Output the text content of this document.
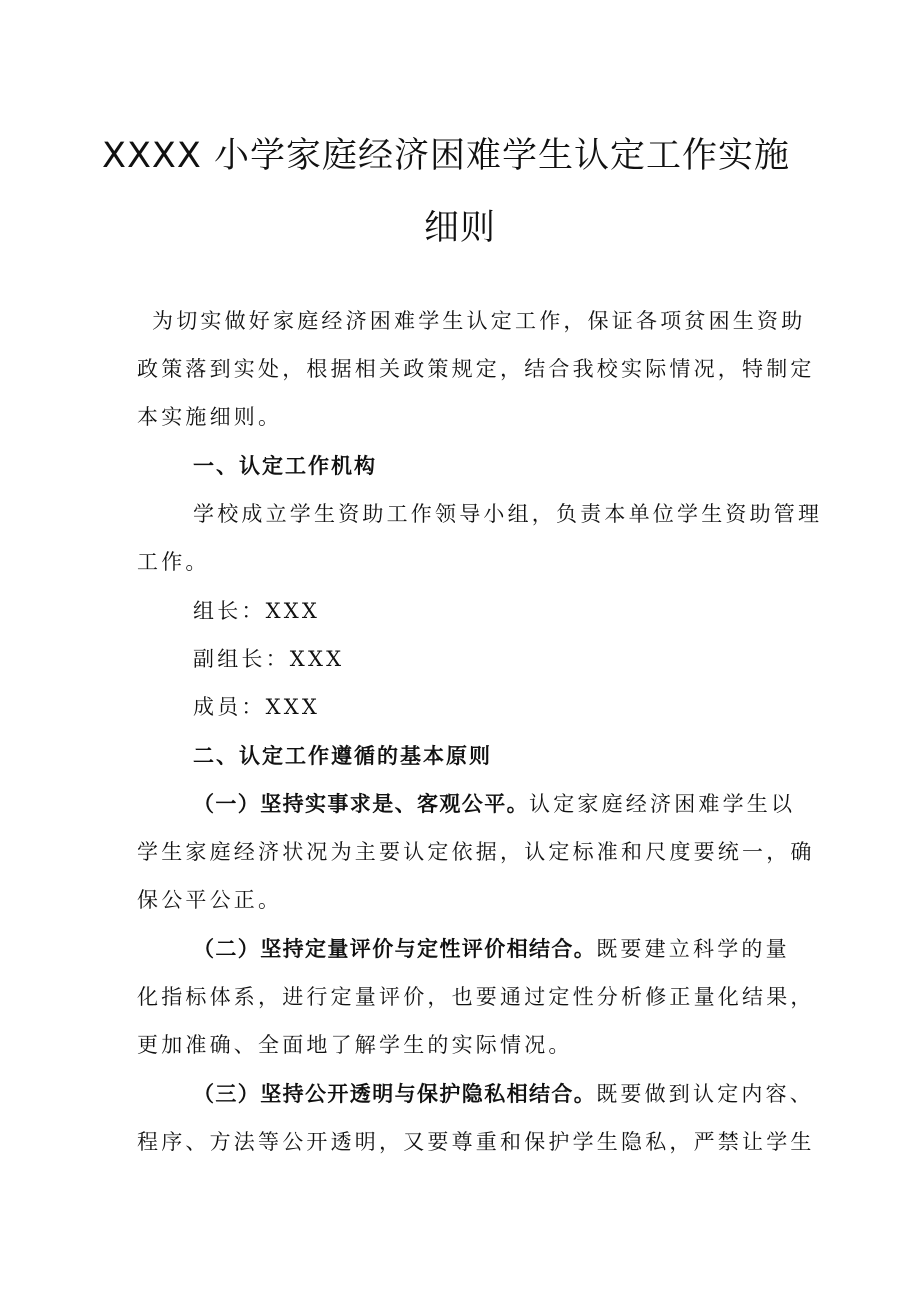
XXXX 小学家庭经济困难学生认定工作实施
细则
为切实做好家庭经济困难学生认定工作，保证各项贫困生资助
政策落到实处，根据相关政策规定，结合我校实际情况，特制定
本实施细则。
一、认定工作机构
学校成立学生资助工作领导小组，负责本单位学生资助管理
工作。
组长：XXX
副组长：XXX
成员：XXX
二、认定工作遵循的基本原则
（一）坚持实事求是、客观公平。认定家庭经济困难学生以
学生家庭经济状况为主要认定依据，认定标准和尺度要统一，确
保公平公正。
（二）坚持定量评价与定性评价相结合。既要建立科学的量
化指标体系，进行定量评价，也要通过定性分析修正量化结果，
更加准确、全面地了解学生的实际情况。
（三）坚持公开透明与保护隐私相结合。既要做到认定内容、
程序、方法等公开透明，又要尊重和保护学生隐私，严禁让学生
